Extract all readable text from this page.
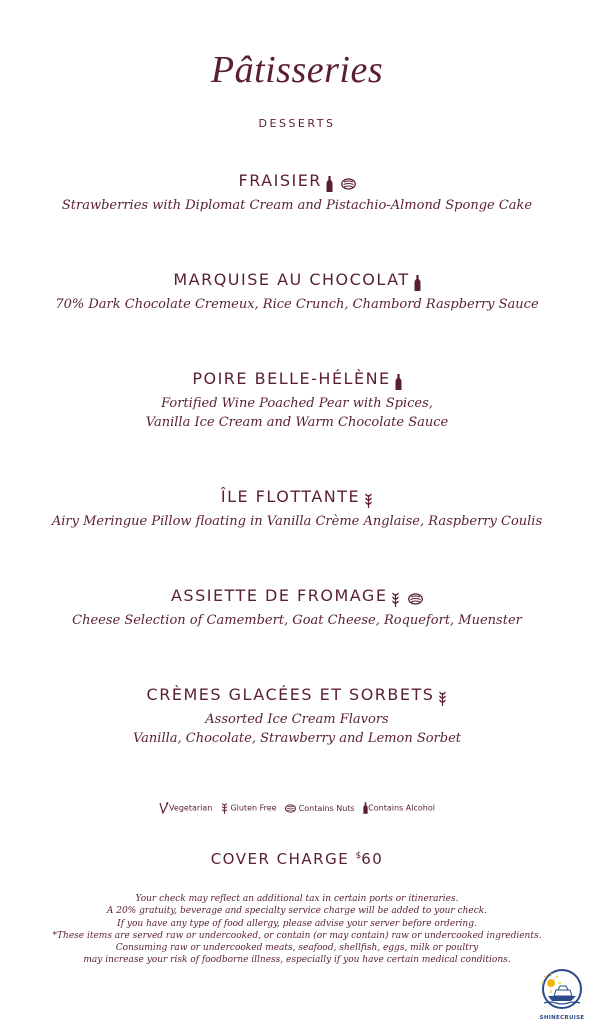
Pâtisseries
DESSERTS
FRAISIER
Strawberries with Diplomat Cream and Pistachio-Almond Sponge Cake
MARQUISE AU CHOCOLAT
70% Dark Chocolate Cremeux, Rice Crunch, Chambord Raspberry Sauce
POIRE BELLE-HÉLÈNE
Fortified Wine Poached Pear with Spices,
Vanilla Ice Cream and Warm Chocolate Sauce
ÎLE FLOTTANTE
Airy Meringue Pillow floating in Vanilla Crème Anglaise, Raspberry Coulis
ASSIETTE DE FROMAGE
Cheese Selection of Camembert, Goat Cheese, Roquefort, Muenster
CRÈMES GLACÉES ET SORBETS
Assorted Ice Cream Flavors
Vanilla, Chocolate, Strawberry and Lemon Sorbet
Vegetarian Gluten Free	Contains Nuts Contains Alcohol
COVER CHARGE $60
Your check may reflect an additional tax in certain ports or itineraries.
A 20% gratuity, beverage and specialty service charge will be added to your check.
If you have any type of food allergy, please advise your server before ordering.
*These items are served raw or undercooked, or contain (or may contain) raw or undercooked ingredients.
Consuming raw or undercooked meats, seafood, shellfish, eggs, milk or poultry
may increase your risk of foodborne illness, especially if you have certain medical conditions.
SHINECRUISE
